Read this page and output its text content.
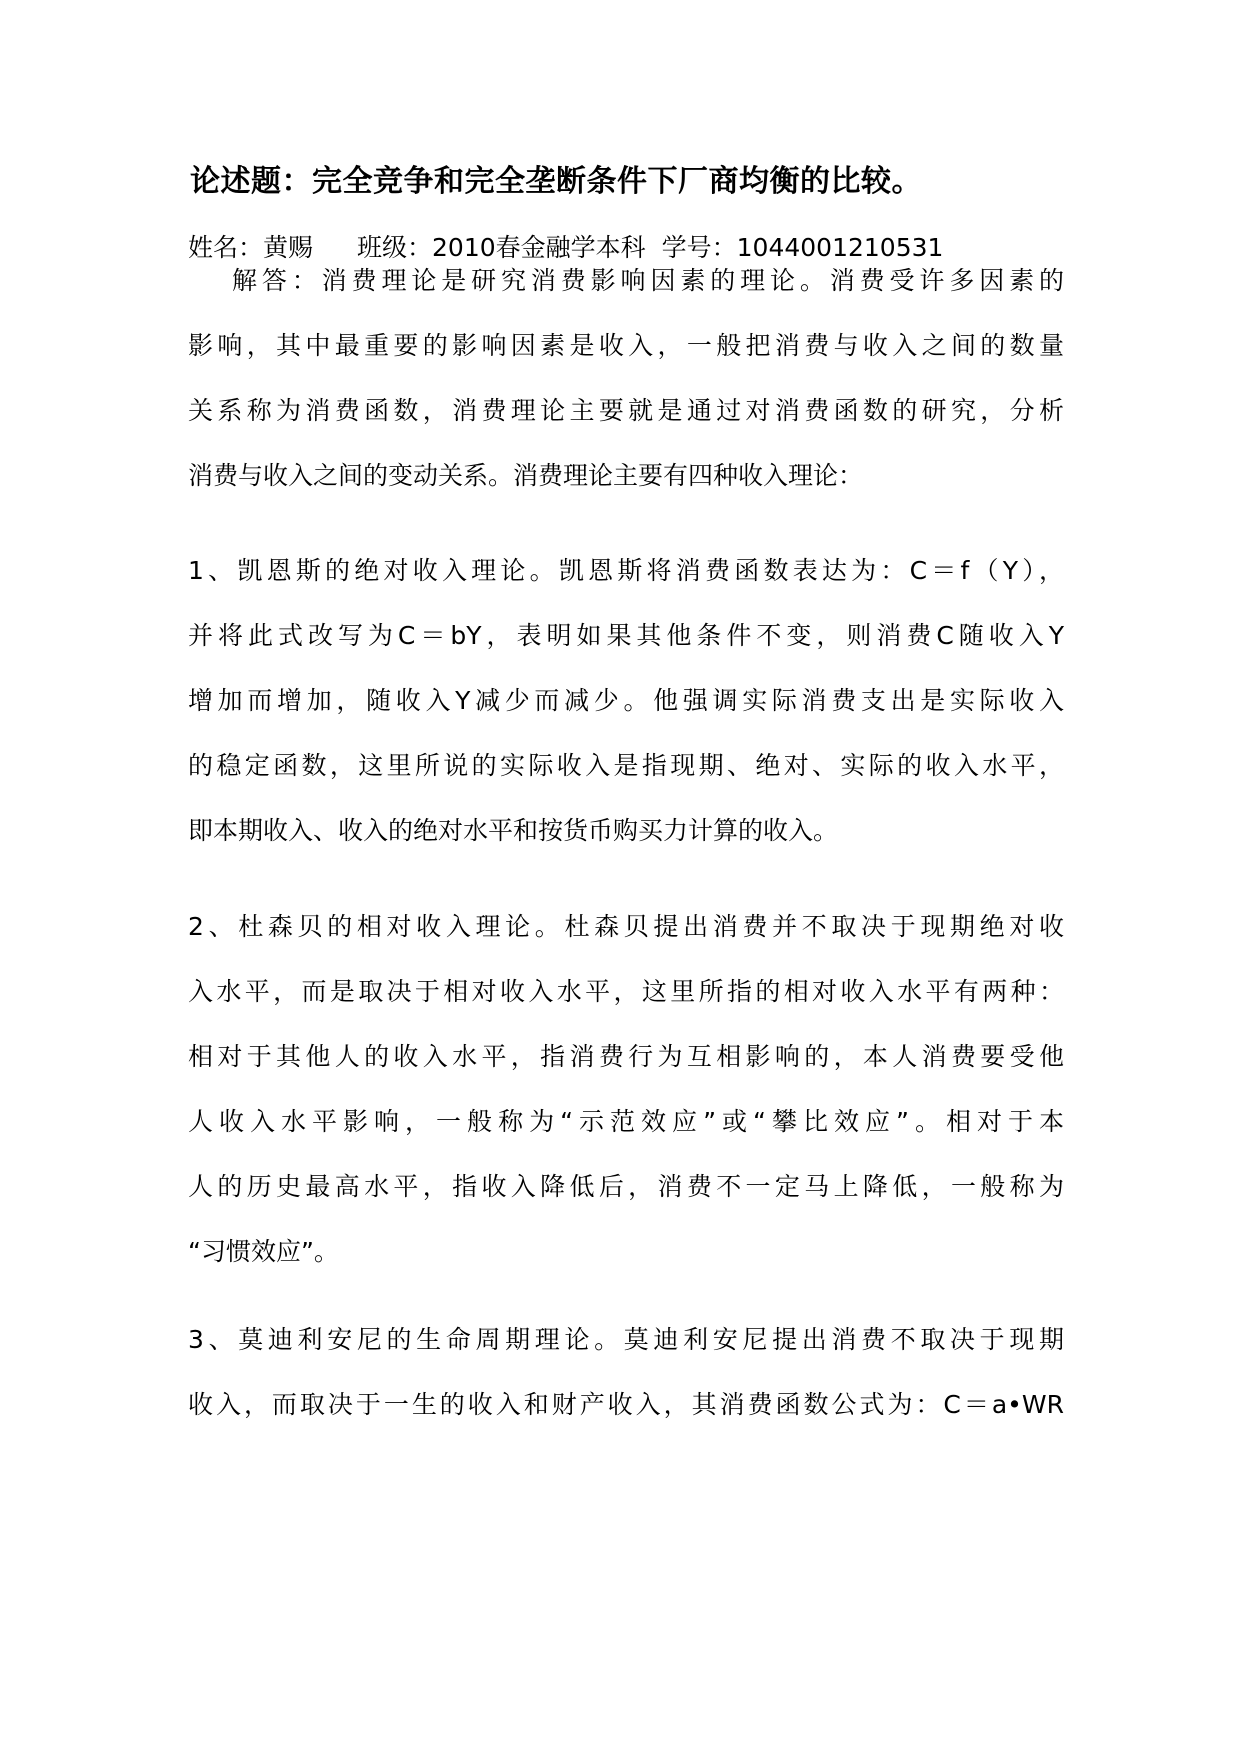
论述题：完全竞争和完全垄断条件下厂商均衡的比较。
姓名：黄赐 班级：2010春金融学本科 学号：1044001210531
解答：消费理论是研究消费影响因素的理论。消费受许多因素的
影响，其中最重要的影响因素是收入，一般把消费与收入之间的数量
关系称为消费函数，消费理论主要就是通过对消费函数的研究，分析
消费与收入之间的变动关系。消费理论主要有四种收入理论：
1、凯恩斯的绝对收入理论。凯恩斯将消费函数表达为：C＝f（Y），
并将此式改写为C＝bY，表明如果其他条件不变，则消费C随收入Y
增加而增加，随收入Y减少而减少。他强调实际消费支出是实际收入
的稳定函数，这里所说的实际收入是指现期、绝对、实际的收入水平，
即本期收入、收入的绝对水平和按货币购买力计算的收入。
2、杜森贝的相对收入理论。杜森贝提出消费并不取决于现期绝对收
入水平，而是取决于相对收入水平，这里所指的相对收入水平有两种：
相对于其他人的收入水平，指消费行为互相影响的，本人消费要受他
人收入水平影响，一般称为“示范效应”或“攀比效应”。相对于本
人的历史最高水平，指收入降低后，消费不一定马上降低，一般称为
“习惯效应”。
3、莫迪利安尼的生命周期理论。莫迪利安尼提出消费不取决于现期
收入，而取决于一生的收入和财产收入，其消费函数公式为：C＝a•WR
